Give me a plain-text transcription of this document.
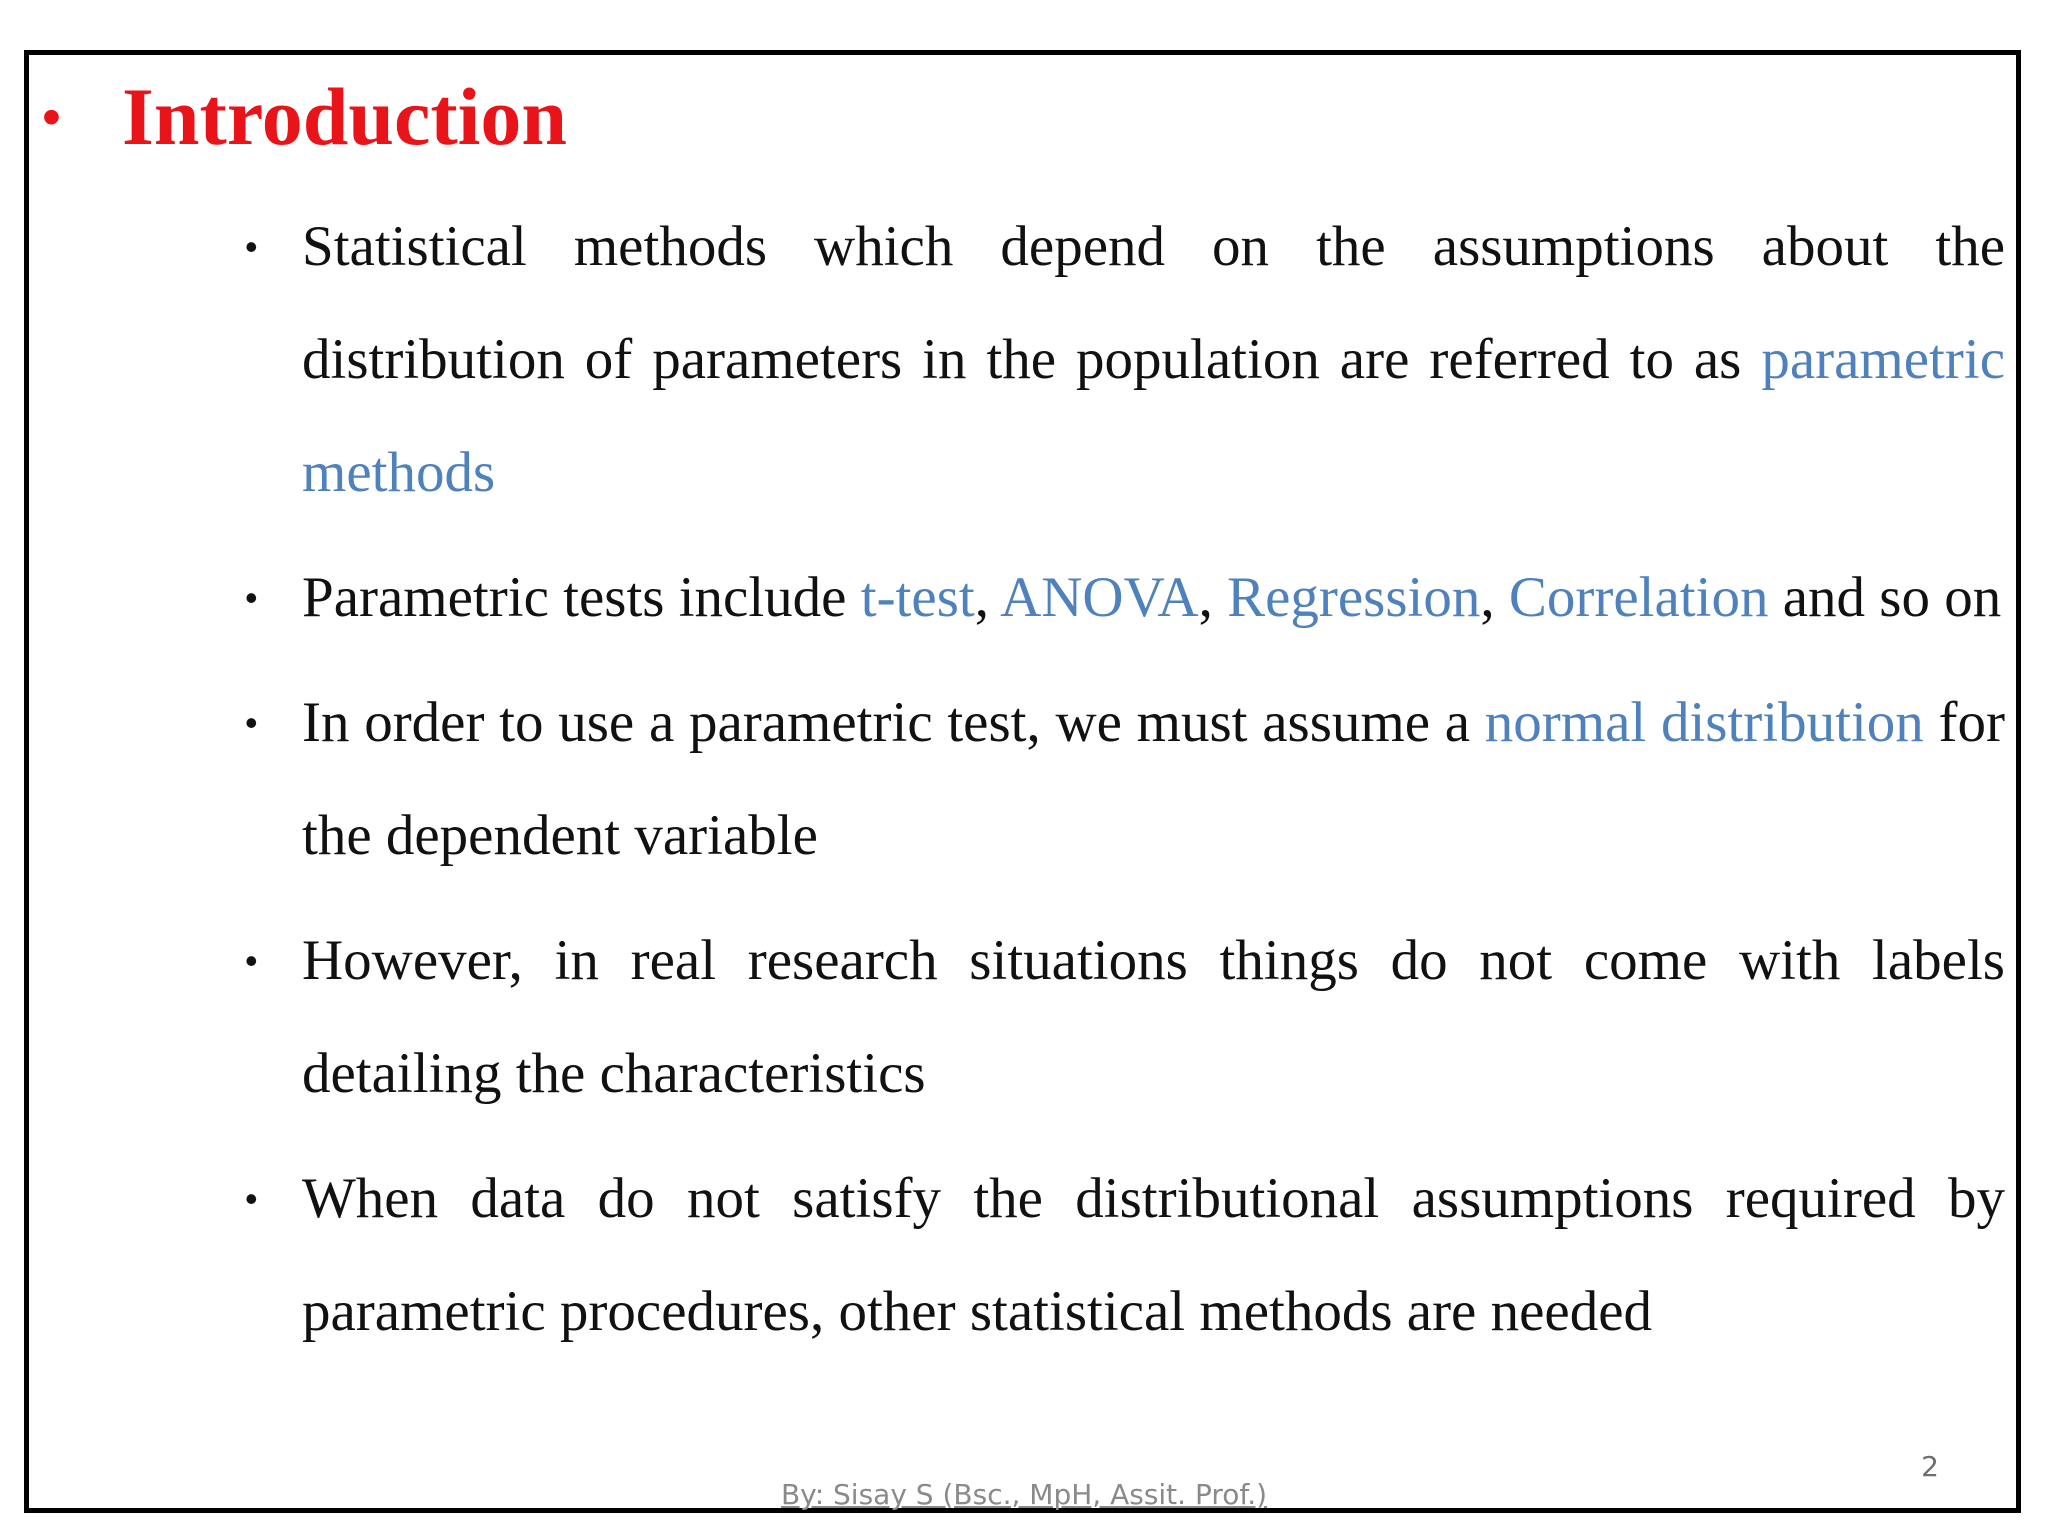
• Introduction
• Statistical methods which depend on the assumptions about the distribution of parameters in the population are referred to as parametric methods
• Parametric tests include t-test, ANOVA, Regression, Correlation and so on
• In order to use a parametric test, we must assume a normal distribution for the dependent variable
• However, in real research situations things do not come with labels detailing the characteristics
• When data do not satisfy the distributional assumptions required by parametric procedures, other statistical methods are needed
2
By: Sisay S (Bsc., MpH, Assit. Prof.)
